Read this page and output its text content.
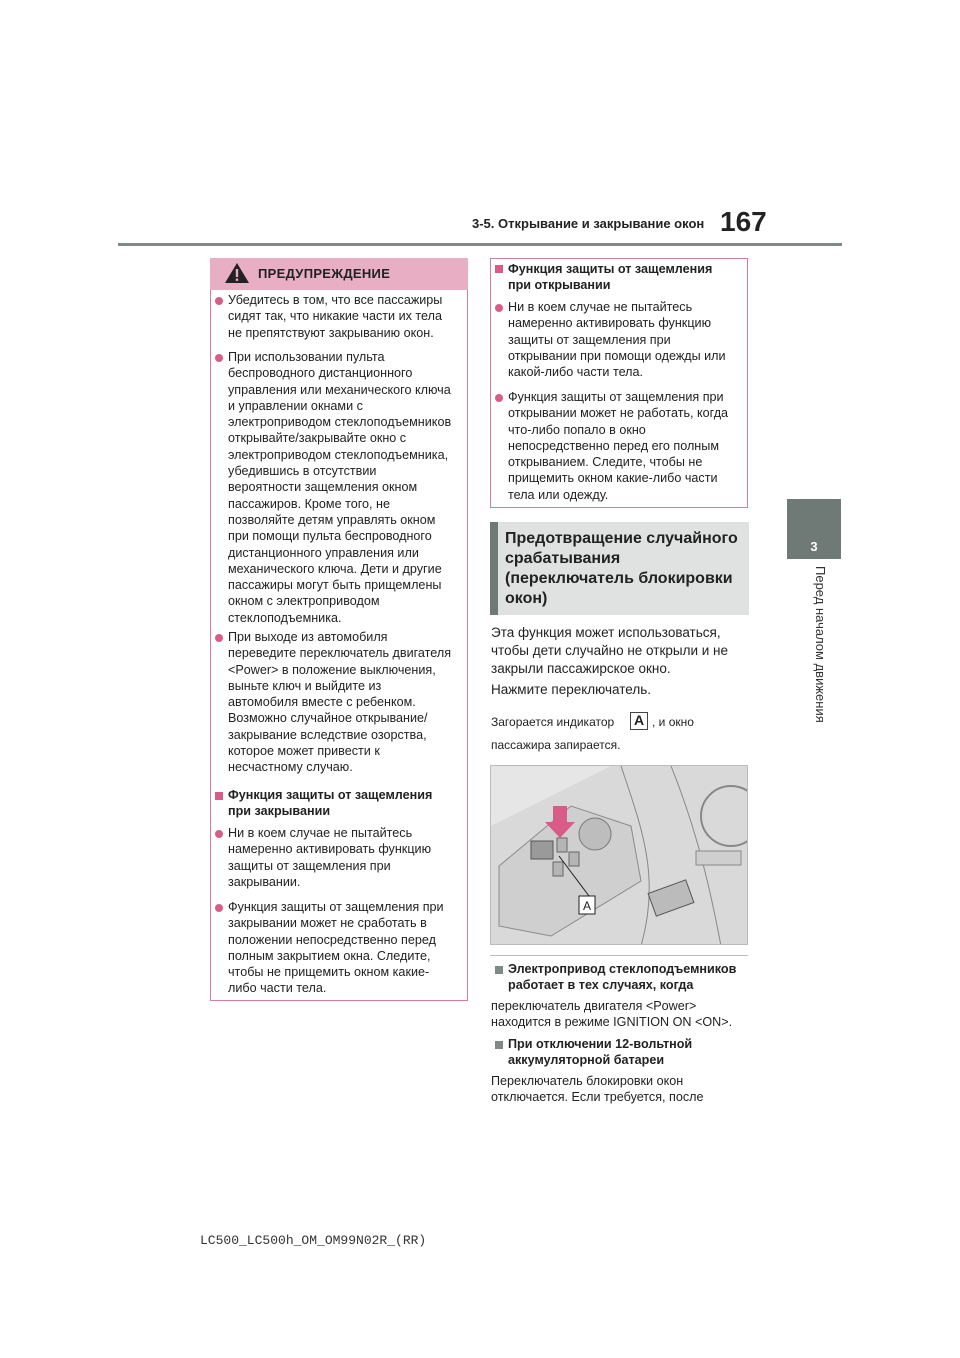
3-5. Открывание и закрывание окон 167
3
Перед началом движения
ПРЕДУПРЕЖДЕНИЕ
Убедитесь в том, что все пассажиры
сидят так, что никакие части их тела
не препятствуют закрыванию окон.
При использовании пульта
беспроводного дистанционного
управления или механического ключа
и управлении окнами с
электроприводом стеклоподъемников
открывайте/закрывайте окно с
электроприводом стеклоподъемника,
убедившись в отсутствии
вероятности защемления окном
пассажиров. Кроме того, не
позволяйте детям управлять окном
при помощи пульта беспроводного
дистанционного управления или
механического ключа. Дети и другие
пассажиры могут быть прищемлены
окном с электроприводом
стеклоподъемника.
При выходе из автомобиля
переведите переключатель двигателя
<Power> в положение выключения,
выньте ключ и выйдите из
автомобиля вместе с ребенком.
Возможно случайное открывание/
закрывание вследствие озорства,
которое может привести к
несчастному случаю.
Функция защиты от защемления
при закрывании
Ни в коем случае не пытайтесь
намеренно активировать функцию
защиты от защемления при
закрывании.
Функция защиты от защемления при
закрывании может не сработать в
положении непосредственно перед
полным закрытием окна. Следите,
чтобы не прищемить окном какие-
либо части тела.
Функция защиты от защемления
при открывании
Ни в коем случае не пытайтесь
намеренно активировать функцию
защиты от защемления при
открывании при помощи одежды или
какой-либо части тела.
Функция защиты от защемления при
открывании может не работать, когда
что-либо попало в окно
непосредственно перед его полным
открыванием. Следите, чтобы не
прищемить окном какие-либо части
тела или одежду.
Предотвращение случайного
срабатывания
(переключатель блокировки
окон)
Эта функция может использоваться,
чтобы дети случайно не открыли и не
закрыли пассажирское окно.
Нажмите переключатель.
Загорается индикатор A , и окно
пассажира запирается.
A
Электропривод стеклоподъемников
работает в тех случаях, когда
переключатель двигателя <Power>
находится в режиме IGNITION ON <ON>.
При отключении 12-вольтной
аккумуляторной батареи
Переключатель блокировки окон
отключается. Если требуется, после
LC500_LC500h_OM_OM99N02R_(RR)
